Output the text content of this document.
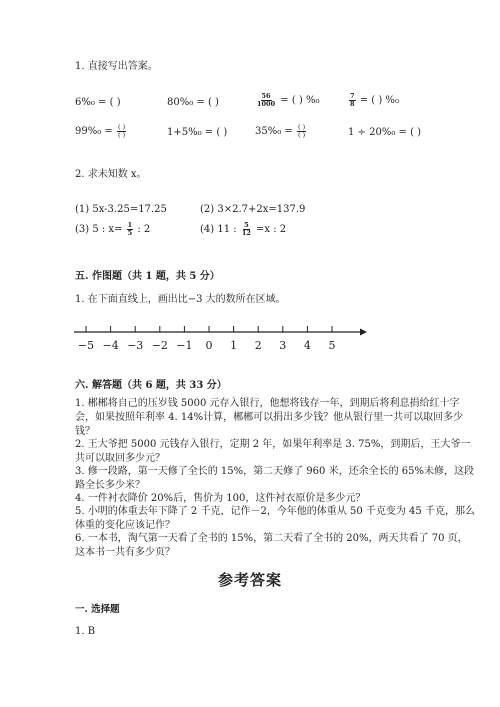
1. 直接写出答案。
6%₀ = ( )	80%₀ = ( )	$\frac{56}{1000}$ = ( ) %₀	$\frac{7}{8}$ = ( ) %₀
$99\%_0 = \frac{( )}{( )}$	1+5%₀ = ( )	$35\%_0 = \frac{( )}{( )}$	1 ÷ 20%₀ = ( )
2. 求未知数 x。
(1) 5x-3.25=17.25	(2) 3×2.7+2x=137.9
(3) 5 : $x= \frac{1}{5}$ : 2	(4) 11 : $\frac{5}{12} =x$ : 2
五. 作图题（共 1 题，共 5 分）
1. 在下面直线上，画出比−3 大的数所在区域。
−5 −4 −3 −2 −1 0 1 2 3 4 5
六. 解答题（共 6 题，共 33 分）
1. 郴郴将自己的压岁钱 5000 元存入银行，他想将钱存一年，到期后将利息捐给红十字会，如果按照年利率 4. 14%计算，郴郴可以捐出多少钱？他从银行里一共可以取回多少钱？
2. 王大爷把 5000 元钱存入银行，定期 2 年，如果年利率是 3. 75%，到期后，王大爷一共可以取回多少元？
3. 修一段路，第一天修了全长的 15%，第二天修了 960 米，还余全长的 65%未修，这段路全长多少米？
4. 一件衬衣降价 20%后，售价为 100，这件衬衣原价是多少元？
5. 小明的体重去年下降了 2 千克，记作－2，今年他的体重从 50 千克变为 45 千克，那么体重的变化应该记作？
6. 一本书，淘气第一天看了全书的 15%，第二天看了全书的 20%，两天共看了 70 页，这本书一共有多少页？
参考答案
一. 选择题
1. B
